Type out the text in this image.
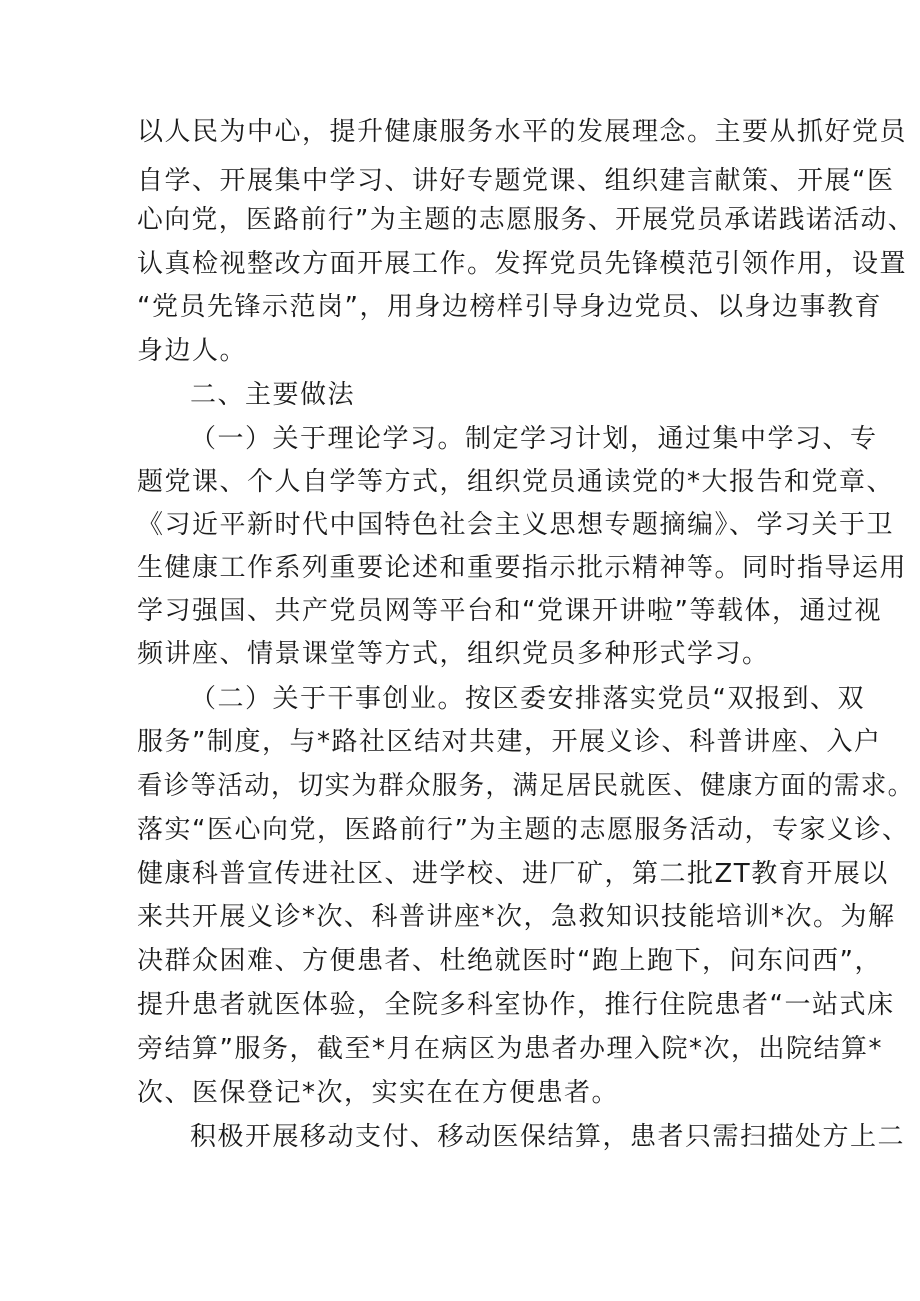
以人民为中心，提升健康服务水平的发展理念。主要从抓好党员
自学、开展集中学习、讲好专题党课、组织建言献策、开展“医
心向党，医路前行”为主题的志愿服务、开展党员承诺践诺活动、
认真检视整改方面开展工作。发挥党员先锋模范引领作用，设置
“党员先锋示范岗”，用身边榜样引导身边党员、以身边事教育
身边人。
二、主要做法
（一）关于理论学习。制定学习计划，通过集中学习、专
题党课、个人自学等方式，组织党员通读党的*大报告和党章、
《习近平新时代中国特色社会主义思想专题摘编》、学习关于卫
生健康工作系列重要论述和重要指示批示精神等。同时指导运用
学习强国、共产党员网等平台和“党课开讲啦”等载体，通过视
频讲座、情景课堂等方式，组织党员多种形式学习。
（二）关于干事创业。按区委安排落实党员“双报到、双
服务”制度，与*路社区结对共建，开展义诊、科普讲座、入户
看诊等活动，切实为群众服务，满足居民就医、健康方面的需求。
落实“医心向党，医路前行”为主题的志愿服务活动，专家义诊、
健康科普宣传进社区、进学校、进厂矿，第二批ZT教育开展以
来共开展义诊*次、科普讲座*次，急救知识技能培训*次。为解
决群众困难、方便患者、杜绝就医时“跑上跑下，问东问西”，
提升患者就医体验，全院多科室协作，推行住院患者“一站式床
旁结算”服务，截至*月在病区为患者办理入院*次，出院结算*
次、医保登记*次，实实在在方便患者。
积极开展移动支付、移动医保结算，患者只需扫描处方上二
